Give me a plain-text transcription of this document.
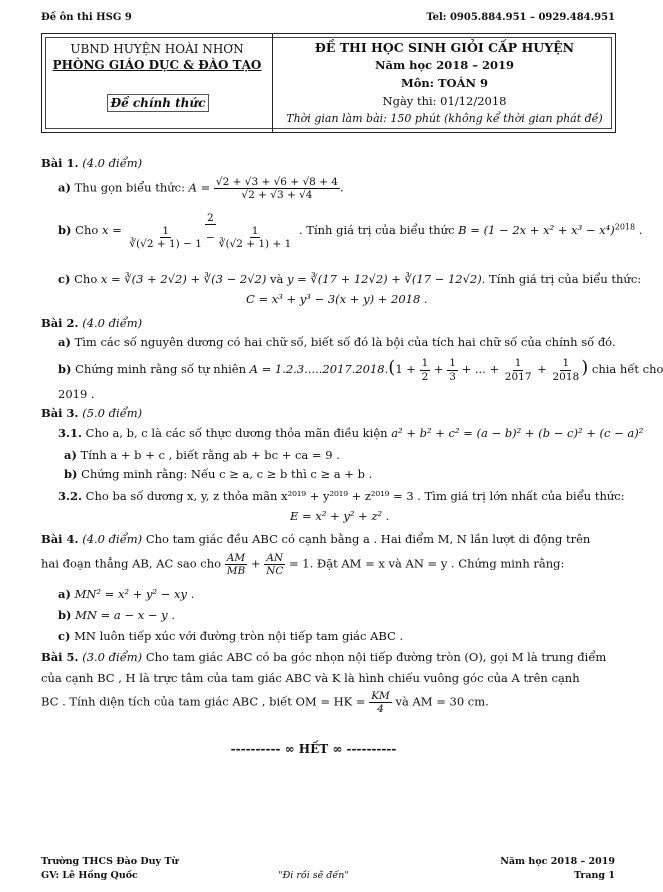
Đề ôn thi HSG 9	Tel: 0905.884.951 – 0929.484.951
UBND HUYỆN HOÀI NHƠN
PHÒNG GIÁO DỤC & ĐÀO TẠO
Đề chính thức
ĐỀ THI HỌC SINH GIỎI CẤP HUYỆN
Năm học 2018 – 2019
Môn: TOÁN 9
Ngày thi: 01/12/2018
Thời gian làm bài: 150 phút (không kể thời gian phát đề)
Bài 1. (4.0 điểm)
a) Thu gọn biểu thức: $A = \frac{√2 + √3 + √6 + √8 + 4}{√2 + √3 + √4}$ .
b) Cho $x = \frac{2}{\frac{1}{∛(√2 + 1) - 1} - \frac{1}{∛(√2 + 1) + 1}}$ . Tính giá trị của biểu thức $B = (1 - 2x + x^2 + x^3 - x^4)^{2018}$ .
c) Cho x = ∛(3 + 2√2) + ∛(3 − 2√2) và y = ∛(17 + 12√2) + ∛(17 − 12√2). Tính giá trị của biểu thức:
C = x³ + y³ − 3(x + y) + 2018 .
Bài 2. (4.0 điểm)
a) Tìm các số nguyên dương có hai chữ số, biết số đó là bội của tích hai chữ số của chính số đó.
b) Chứng minh rằng số tự nhiên $A = 1.2.3.....2017.2018.(1 + \frac{1}{2} + \frac{1}{3}$ + ... + $\frac{1}{2017} + \frac{1}{2018}$ ) chia hết cho
2019 .
Bài 3. (5.0 điểm)
3.1. Cho a, b, c là các số thực dương thỏa mãn điều kiện a² + b² + c² = (a − b)² + (b − c)² + (c − a)²
a) Tính a + b + c , biết rằng ab + bc + ca = 9 .
b) Chứng minh rằng: Nếu c ≥ a, c ≥ b thì c ≥ a + b .
3.2. Cho ba số dương x, y, z thỏa mãn x²⁰¹⁹ + y²⁰¹⁹ + z²⁰¹⁹ = 3 . Tìm giá trị lớn nhất của biểu thức:
E = x² + y² + z² .
Bài 4. (4.0 điểm) Cho tam giác đều ABC có cạnh bằng a . Hai điểm M, N lần lượt di động trên
hai đoạn thẳng AB, AC sao cho $\frac{AM}{MB} + \frac{AN}{NC} = 1$. Đặt AM = x và AN = y . Chứng minh rằng:
a) MN² = x² + y² − xy .
b) MN = a − x − y .
c) MN luôn tiếp xúc với đường tròn nội tiếp tam giác ABC .
Bài 5. (3.0 điểm) Cho tam giác ABC có ba góc nhọn nội tiếp đường tròn (O), gọi M là trung điểm
của cạnh BC , H là trực tâm của tam giác ABC và K là hình chiếu vuông góc của A trên cạnh
BC . Tính diện tích của tam giác ABC , biết OM = HK = $\frac{KM}{4}$ và AM = 30 cm.
---------- ∞ HẾT ∞ ----------
Trường THCS Đào Duy Từ
GV: Lê Hồng Quốc	"Đi rồi sẽ đến"
Năm học 2018 – 2019
Trang 1
